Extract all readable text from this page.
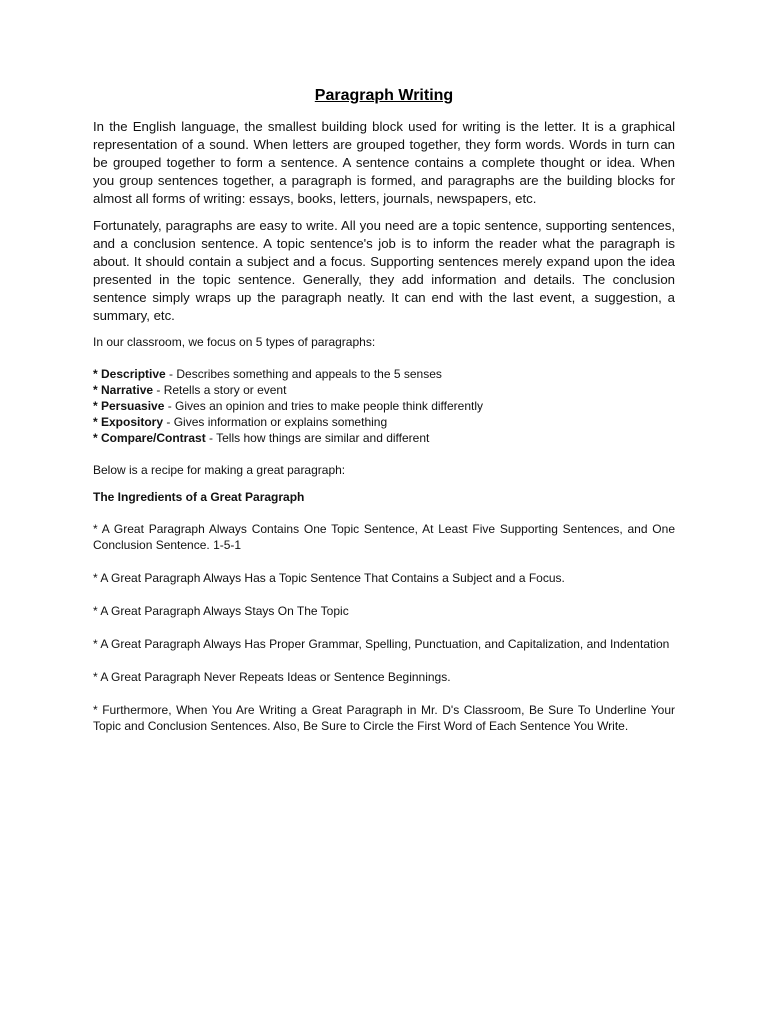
Paragraph Writing

In the English language, the smallest building block used for writing is the letter. It is a graphical representation of a sound. When letters are grouped together, they form words. Words in turn can be grouped together to form a sentence. A sentence contains a complete thought or idea. When you group sentences together, a paragraph is formed, and paragraphs are the building blocks for almost all forms of writing: essays, books, letters, journals, newspapers, etc.

Fortunately, paragraphs are easy to write. All you need are a topic sentence, supporting sentences, and a conclusion sentence. A topic sentence's job is to inform the reader what the paragraph is about. It should contain a subject and a focus. Supporting sentences merely expand upon the idea presented in the topic sentence. Generally, they add information and details. The conclusion sentence simply wraps up the paragraph neatly. It can end with the last event, a suggestion, a summary, etc.

In our classroom, we focus on 5 types of paragraphs:

* Descriptive - Describes something and appeals to the 5 senses
* Narrative - Retells a story or event
* Persuasive - Gives an opinion and tries to make people think differently
* Expository - Gives information or explains something
* Compare/Contrast - Tells how things are similar and different

Below is a recipe for making a great paragraph:

The Ingredients of a Great Paragraph

* A Great Paragraph Always Contains One Topic Sentence, At Least Five Supporting Sentences, and One Conclusion Sentence. 1-5-1

* A Great Paragraph Always Has a Topic Sentence That Contains a Subject and a Focus.

* A Great Paragraph Always Stays On The Topic

* A Great Paragraph Always Has Proper Grammar, Spelling, Punctuation, and Capitalization, and Indentation

* A Great Paragraph Never Repeats Ideas or Sentence Beginnings.

* Furthermore, When You Are Writing a Great Paragraph in Mr. D's Classroom, Be Sure To Underline Your Topic and Conclusion Sentences. Also, Be Sure to Circle the First Word of Each Sentence You Write.
